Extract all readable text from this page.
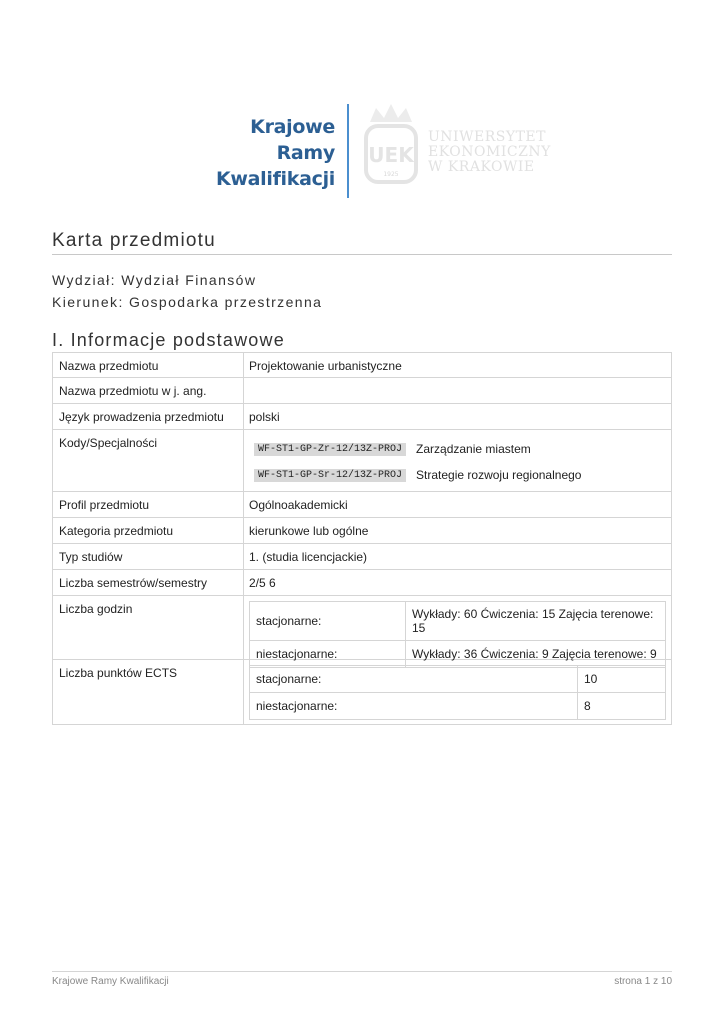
Krajowe
Ramy
Kwalifikacji
UEK
1925
UNIWERSYTET
EKONOMICZNY
W KRAKOWIE
Karta przedmiotu
Wydział: Wydział Finansów
Kierunek: Gospodarka przestrzenna
I. Informacje podstawowe
Nazwa przedmiotu	Projektowanie urbanistyczne
Nazwa przedmiotu w j. ang.
Język prowadzenia przedmiotu	polski
Kody/Specjalności	WF-ST1-GP-Zr-12/13Z-PROJ	Zarządzanie miastem
WF-ST1-GP-Sr-12/13Z-PROJ	Strategie rozwoju regionalnego
Profil przedmiotu	Ogólnoakademicki
Kategoria przedmiotu	kierunkowe lub ogólne
Typ studiów	1. (studia licencjackie)
Liczba semestrów/semestry	2/5 6
Liczba godzin
stacjonarne:	Wykłady: 60 Ćwiczenia: 15 Zajęcia terenowe: 15
niestacjonarne:	Wykłady: 36 Ćwiczenia: 9 Zajęcia terenowe: 9
Liczba punktów ECTS	stacjonarne:	10
niestacjonarne:	8
Krajowe Ramy Kwalifikacji	strona 1 z 10
